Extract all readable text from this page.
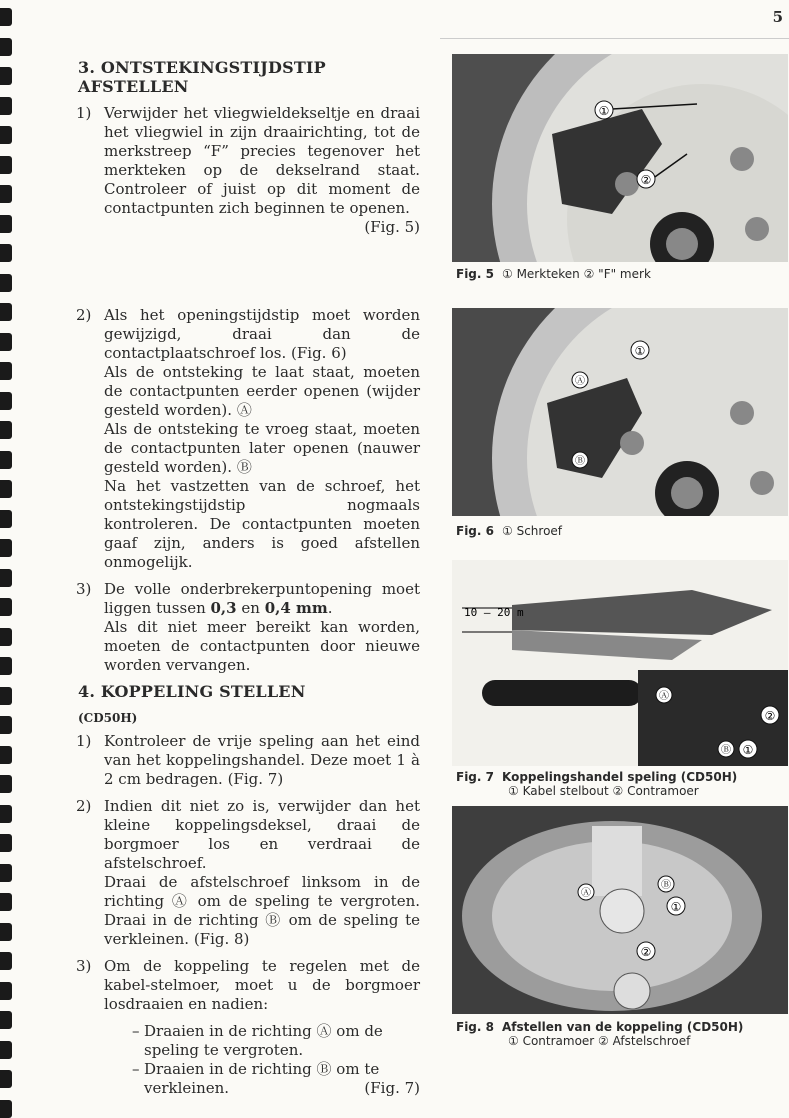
5
3. ONTSTEKINGSTIJDSTIP AFSTELLEN
1) Verwijder het vliegwieldekseltje en draai het vliegwiel in zijn draairichting, tot de merkstreep “F” precies tegenover het merkteken op de dekselrand staat. Controleer of juist op dit moment de contactpunten zich beginnen te openen.

(Fig. 5)

2) Als het openingstijdstip moet worden gewijzigd, draai dan de contactplaatschroef los. (Fig. 6)

Als de ontsteking te laat staat, moeten de contactpunten eerder openen (wijder gesteld worden). Ⓐ

Als de ontsteking te vroeg staat, moeten de contactpunten later openen (nauwer gesteld worden). Ⓑ

Na het vastzetten van de schroef, het ontstekingstijdstip nogmaals kontroleren. De contactpunten moeten gaaf zijn, anders is goed afstellen onmogelijk.

3) De volle onderbrekerpuntopening moet liggen tussen 0,3 en 0,4 mm.

Als dit niet meer bereikt kan worden, moeten de contactpunten door nieuwe worden vervangen.

4. KOPPELING STELLEN
(CD50H)
1) Kontroleer de vrije speling aan het eind van het koppelingshandel. Deze moet 1 à 2 cm bedragen. (Fig. 7)

2) Indien dit niet zo is, verwijder dan het kleine koppelingsdeksel, draai de borgmoer los en verdraai de afstelschroef.

Draai de afstelschroef linksom in de richting Ⓐ om de speling te vergroten. Draai in de richting Ⓑ om de speling te verkleinen. (Fig. 8)

3) Om de koppeling te regelen met de kabel-stelmoer, moet u de borgmoer losdraaien en nadien:

– Draaien in de richting Ⓐ om de speling te vergroten.

– Draaien in de richting Ⓑ om te verkleinen.	(Fig. 7)

①
②
Fig. 5 ① Merkteken ② "F" merk
①
Ⓐ
Ⓑ
Fig. 6 ① Schroef
10 — 20 m
Ⓐ
②
Ⓑ ①
Fig. 7 Koppelingshandel speling (CD50H)
① Kabel stelbout ② Contramoer
Ⓐ
Ⓑ
①
②
Fig. 8 Afstellen van de koppeling (CD50H)
① Contramoer ② Afstelschroef
